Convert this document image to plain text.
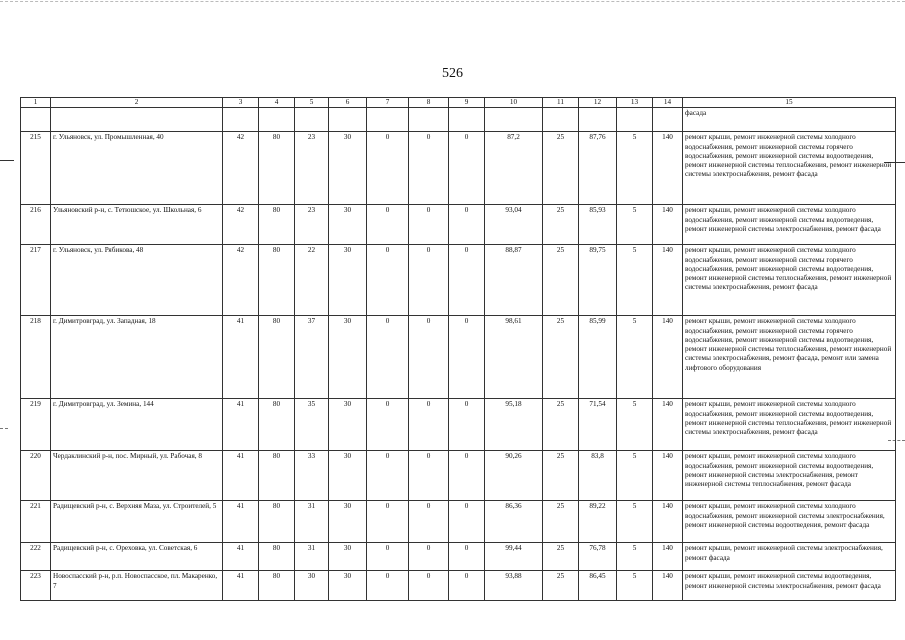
526
1	2	3	4	5	6	7	8	9	10	11	12	13	14	15
														фасада
215	г. Ульяновск, ул. Промышленная, 40	42	80	23	30	0	0	0	87,2	25	87,76	5	140	ремонт крыши, ремонт инженерной системы холодного водоснабжения, ремонт инженерной системы горячего водоснабжения, ремонт инженерной системы водоотведения, ремонт инженерной системы теплоснабжения, ремонт инженерной системы электроснабжения, ремонт фасада
216	Ульяновский р-н, с. Тетюшское, ул. Школьная, 6	42	80	23	30	0	0	0	93,04	25	85,93	5	140	ремонт крыши, ремонт инженерной системы холодного водоснабжения, ремонт инженерной системы водоотведения, ремонт инженерной системы электроснабжения, ремонт фасада
217	г. Ульяновск, ул. Рябикова, 48	42	80	22	30	0	0	0	88,87	25	89,75	5	140	ремонт крыши, ремонт инженерной системы холодного водоснабжения, ремонт инженерной системы горячего водоснабжения, ремонт инженерной системы водоотведения, ремонт инженерной системы теплоснабжения, ремонт инженерной системы электроснабжения, ремонт фасада
218	г. Димитровград, ул. Западная, 18	41	80	37	30	0	0	0	98,61	25	85,99	5	140	ремонт крыши, ремонт инженерной системы холодного водоснабжения, ремонт инженерной системы горячего водоснабжения, ремонт инженерной системы водоотведения, ремонт инженерной системы теплоснабжения, ремонт инженерной системы электроснабжения, ремонт фасада, ремонт или замена лифтового оборудования
219	г. Димитровград, ул. Земина, 144	41	80	35	30	0	0	0	95,18	25	71,54	5	140	ремонт крыши, ремонт инженерной системы холодного водоснабжения, ремонт инженерной системы водоотведения, ремонт инженерной системы теплоснабжения, ремонт инженерной системы электроснабжения, ремонт фасада
220	Чердаклинский р-н, пос. Мирный, ул. Рабочая, 8	41	80	33	30	0	0	0	90,26	25	83,8	5	140	ремонт крыши, ремонт инженерной системы холодного водоснабжения, ремонт инженерной системы водоотведения, ремонт инженерной системы электроснабжения, ремонт инженерной системы теплоснабжения, ремонт фасада
221	Радищевский р-н, с. Верхняя Маза, ул. Строителей, 5	41	80	31	30	0	0	0	86,36	25	89,22	5	140	ремонт крыши, ремонт инженерной системы холодного водоснабжения, ремонт инженерной системы электроснабжения, ремонт инженерной системы водоотведения, ремонт фасада
222	Радищевский р-н, с. Ореховка, ул. Советская, 6	41	80	31	30	0	0	0	99,44	25	76,78	5	140	ремонт крыши, ремонт инженерной системы электроснабжения, ремонт фасада
223	Новоспасский р-н, р.п. Новоспасское, пл. Макаренко, 7	41	80	30	30	0	0	0	93,88	25	86,45	5	140	ремонт крыши, ремонт инженерной системы водоотведения, ремонт инженерной системы электроснабжения, ремонт фасада
